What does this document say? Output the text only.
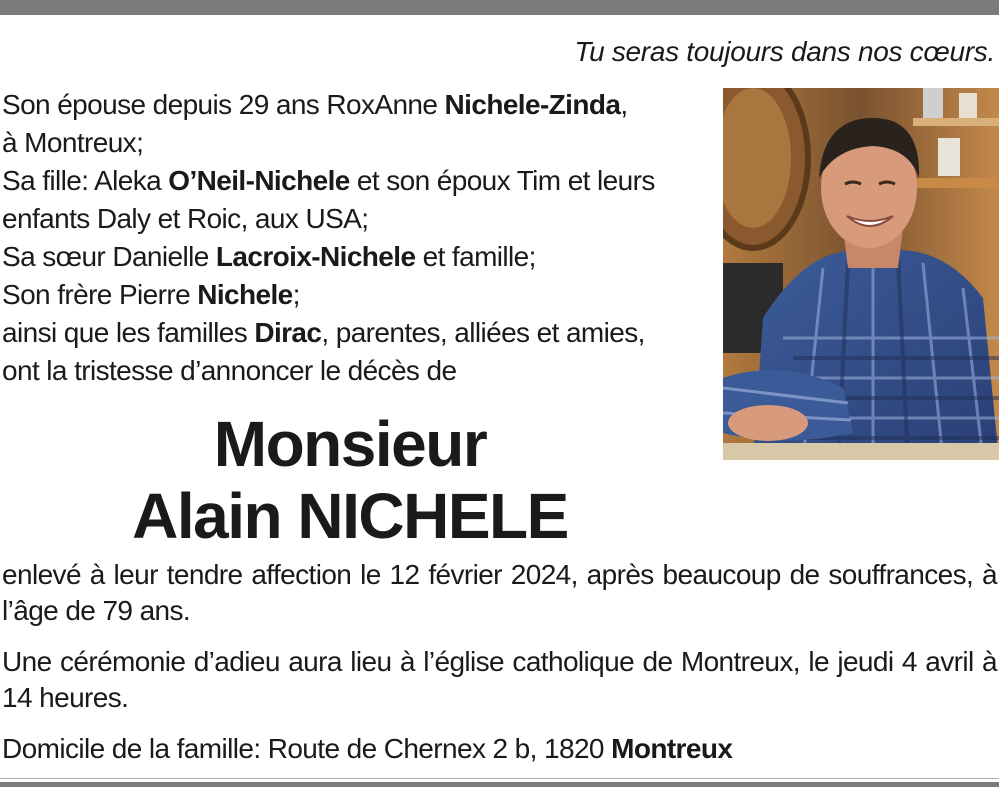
Tu seras toujours dans nos cœurs.
Son épouse depuis 29 ans RoxAnne Nichele-Zinda,
à Montreux;
Sa fille: Aleka O’Neil-Nichele et son époux Tim et leurs
enfants Daly et Roic, aux USA;
Sa sœur Danielle Lacroix-Nichele et famille;
Son frère Pierre Nichele;
ainsi que les familles Dirac, parentes, alliées et amies,
ont la tristesse d’annoncer le décès de
Monsieur
Alain NICHELE
enlevé à leur tendre affection le 12 février 2024, après beaucoup de souffrances, à l’âge de 79 ans.
Une cérémonie d’adieu aura lieu à l’église catholique de Montreux, le jeudi 4 avril à 14 heures.
Domicile de la famille: Route de Chernex 2 b, 1820 Montreux
